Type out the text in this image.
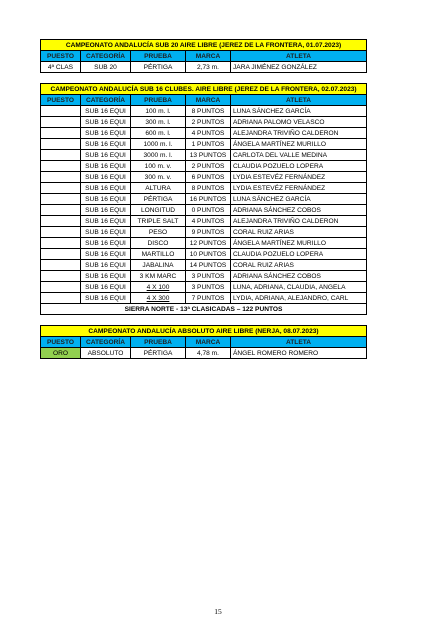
CAMPEONATO ANDALUCÍA SUB 20 AIRE LIBRE (JEREZ DE LA FRONTERA, 01.07.2023)				
PUESTO	CATEGORÍA	PRUEBA	MARCA	ATLETA
4ª CLAS	SUB 20	PÉRTIGA	2,73 m.	JARA JIMÉNEZ GONZÁLEZ
CAMPEONATO ANDALUCÍA SUB 16 CLUBES. AIRE LIBRE (JEREZ DE LA FRONTERA, 02.07.2023)				
PUESTO	CATEGORÍA	PRUEBA	MARCA	ATLETA
	SUB 16 EQUI	100 m. l.	8 PUNTOS	LUNA SÁNCHEZ GARCÍA
	SUB 16 EQUI	300 m. l.	2 PUNTOS	ADRIANA PALOMO VELASCO
	SUB 16 EQUI	600 m. l.	4 PUNTOS	ALEJANDRA TRIVIÑO CALDERON
	SUB 16 EQUI	1000 m. l.	1 PUNTOS	ÁNGELA MARTÍNEZ MURILLO
	SUB 16 EQUI	3000 m. l.	13 PUNTOS	CARLOTA DEL VALLE MEDINA
	SUB 16 EQUI	100 m. v.	2 PUNTOS	CLAUDIA POZUELO LOPERA
	SUB 16 EQUI	300 m. v.	6 PUNTOS	LYDIA ESTEVÉZ FERNÁNDEZ
	SUB 16 EQUI	ALTURA	8 PUNTOS	LYDIA ESTEVÉZ FERNÁNDEZ
	SUB 16 EQUI	PÉRTIGA	16 PUNTOS	LUNA SÁNCHEZ GARCÍA
	SUB 16 EQUI	LONGITUD	0 PUNTOS	ADRIANA SÁNCHEZ COBOS
	SUB 16 EQUI	TRIPLE SALT	4 PUNTOS	ALEJANDRA TRIVIÑO CALDERON
	SUB 16 EQUI	PESO	9 PUNTOS	CORAL RUIZ ARIAS
	SUB 16 EQUI	DISCO	12 PUNTOS	ÁNGELA MARTÍNEZ MURILLO
	SUB 16 EQUI	MARTILLO	10 PUNTOS	CLAUDIA POZUELO LOPERA
	SUB 16 EQUI	JABALINA	14 PUNTOS	CORAL RUIZ ARIAS
	SUB 16 EQUI	3 KM MARC	3 PUNTOS	ADRIANA SÁNCHEZ COBOS
	SUB 16 EQUI	4 X 100	3 PUNTOS	LUNA, ADRIANA, CLAUDIA, ANGELA
	SUB 16 EQUI	4 X 300	7 PUNTOS	LYDIA, ADRIANA, ALEJANDRO, CARL
SIERRA NORTE - 13ª CLASICADAS – 122 PUNTOS				
CAMPEONATO ANDALUCÍA ABSOLUTO AIRE LIBRE (NERJA, 08.07.2023)				
PUESTO	CATEGORÍA	PRUEBA	MARCA	ATLETA
ORO	ABSOLUTO	PÉRTIGA	4,78 m.	ÁNGEL ROMERO ROMERO
15
